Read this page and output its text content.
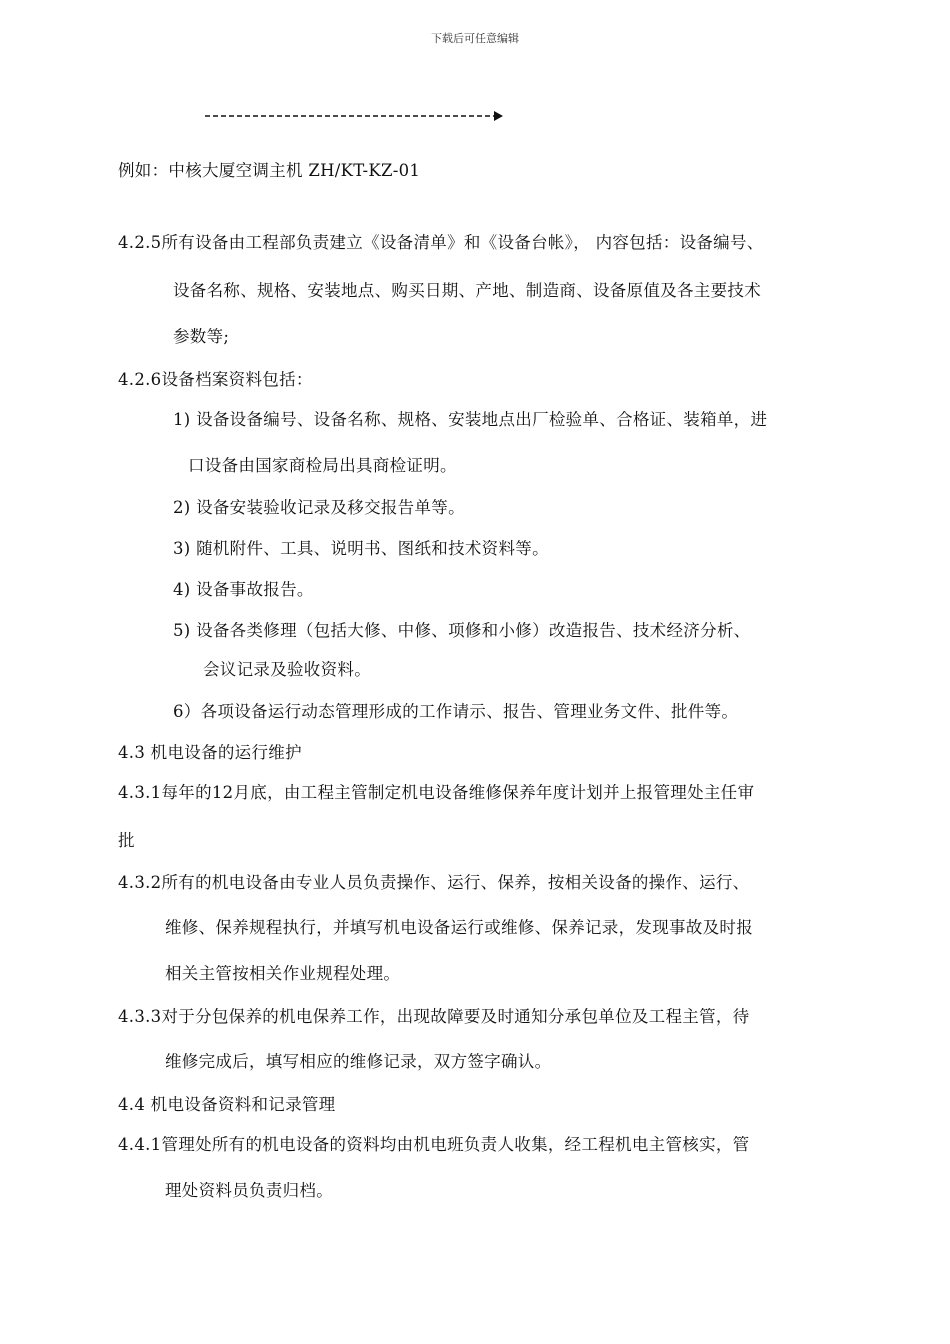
下载后可任意编辑
例如：中核大厦空调主机 ZH/KT-KZ-01
4.2.5所有设备由工程部负责建立《设备清单》和《设备台帐》， 内容包括：设备编号、
设备名称、规格、安装地点、购买日期、产地、制造商、设备原值及各主要技术
参数等;
4.2.6设备档案资料包括：
1) 设备设备编号、设备名称、规格、安装地点出厂检验单、合格证、装箱单，进
口设备由国家商检局出具商检证明。
2) 设备安装验收记录及移交报告单等。
3) 随机附件、工具、说明书、图纸和技术资料等。
4) 设备事故报告。
5) 设备各类修理（包括大修、中修、项修和小修）改造报告、技术经济分析、
会议记录及验收资料。
6）各项设备运行动态管理形成的工作请示、报告、管理业务文件、批件等。
4.3 机电设备的运行维护
4.3.1每年的12月底，由工程主管制定机电设备维修保养年度计划并上报管理处主任审
批
4.3.2所有的机电设备由专业人员负责操作、运行、保养，按相关设备的操作、运行、
维修、保养规程执行，并填写机电设备运行或维修、保养记录，发现事故及时报
相关主管按相关作业规程处理。
4.3.3对于分包保养的机电保养工作，出现故障要及时通知分承包单位及工程主管，待
维修完成后，填写相应的维修记录，双方签字确认。
4.4 机电设备资料和记录管理
4.4.1管理处所有的机电设备的资料均由机电班负责人收集，经工程机电主管核实，管
理处资料员负责归档。
